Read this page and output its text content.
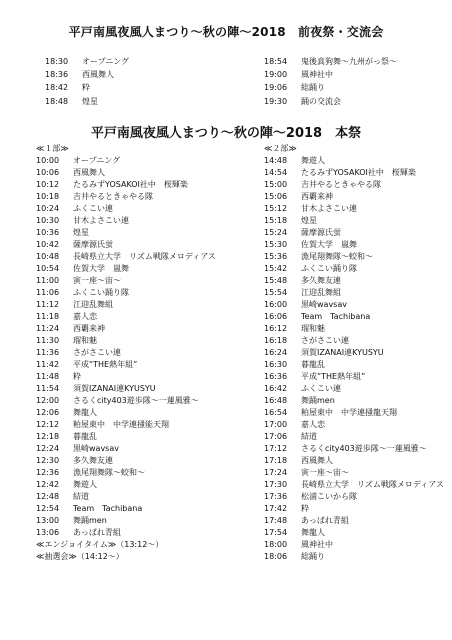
平戸南風夜風人まつり〜秋の陣〜2018　前夜祭・交流会
18:30	オープニング
18:36	西風舞人
18:42	粋
18:48	煌星
18:54	鬼後真狗舞〜九州がっ祭〜
19:00	風神社中
19:06	総踊り
19:30	踊の交流会
平戸南風夜風人まつり〜秋の陣〜2018　本祭
≪１部≫
10:00	オープニング
10:06	西風舞人
10:12	たるみずYOSAKOI社中　桜輝楽
10:18	吉井やるときゃやる隊
10:24	ふくこい連
10:30	甘木よさこい連
10:36	煌星
10:42	薩摩源氏蛍
10:48	長崎県立大学　リズム戦隊メロディアス
10:54	佐賀大学　嵐舞
11:00	寅一座〜宙〜
11:06	ふくこい踊り隊
11:12	江迎乱舞組
11:18	嘉人恋
11:24	西覇来神
11:30	瑠和魅
11:36	さがさこい連
11:42	平成“THE熱年組”
11:48	粋
11:54	須賀IZANAI連KYUSYU
12:00	さるくcity403遊歩隊〜一蓮風雅〜
12:06	舞龍人
12:12	粕屋東中　中学連掻能天翔
12:18	暮龍乱
12:24	黒崎wavsav
12:30	多久舞友連
12:36	漁尾翔舞隊〜蛟和〜
12:42	舞遊人
12:48	結道
12:54	Team　Tachibana
13:00	舞踊men
13:06	あっぱれ青組
≪エンジョイタイム≫（13:12〜）
≪抽選会≫（14:12〜）
≪２部≫
14:48	舞遊人
14:54	たるみずYOSAKOI社中　桜輝楽
15:00	吉井やるときゃやる隊
15:06	西覇来神
15:12	甘木よさこい連
15:18	煌星
15:24	薩摩源氏蛍
15:30	佐賀大学　嵐舞
15:36	漁尾翔舞隊〜蛟和〜
15:42	ふくこい踊り隊
15:48	多久舞友連
15:54	江迎乱舞組
16:00	黒崎wavsav
16:06	Team　Tachibana
16:12	瑠和魅
16:18	さがさこい連
16:24	須賀IZANAI連KYUSYU
16:30	暮龍乱
16:36	平成“THE熱年組”
16:42	ふくこい連
16:48	舞踊men
16:54	粕屋東中　中学連掻龍天翔
17:00	嘉人恋
17:06	結道
17:12	さるくcity403遊歩隊〜一蓮風雅〜
17:18	西風舞人
17:24	寅一座〜宙〜
17:30	長崎県立大学　リズム戦隊メロディアス
17:36	松浦こいから隊
17:42	粋
17:48	あっぱれ青組
17:54	舞龍人
18:00	風神社中
18:06	総踊り
